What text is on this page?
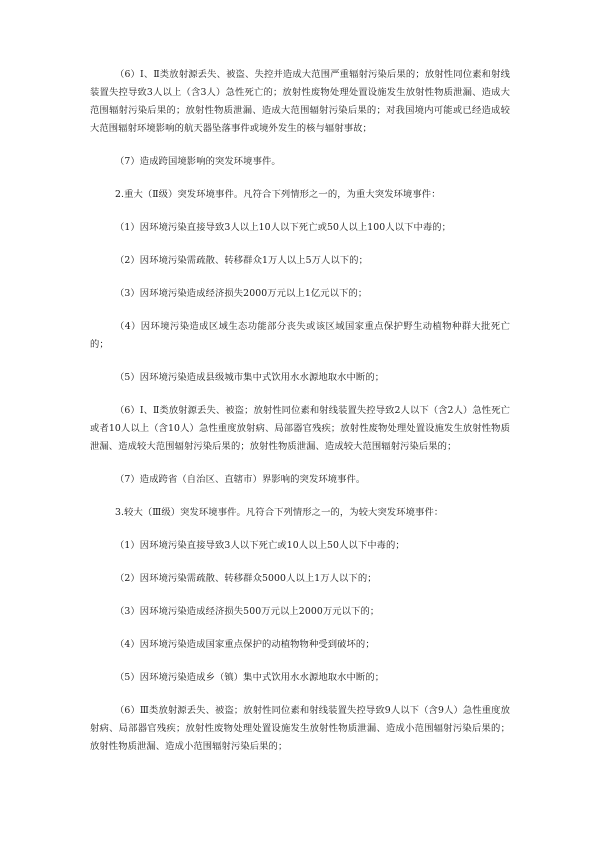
（6）Ⅰ、Ⅱ类放射源丢失、被盗、失控并造成大范围严重辐射污染后果的；放射性同位素和射线装置失控导致3人以上（含3人）急性死亡的；放射性废物处理处置设施发生放射性物质泄漏、造成大范围辐射污染后果的；放射性物质泄漏、造成大范围辐射污染后果的；对我国境内可能或已经造成较大范围辐射环境影响的航天器坠落事件或境外发生的核与辐射事故；

（7）造成跨国境影响的突发环境事件。

2.重大（Ⅱ级）突发环境事件。凡符合下列情形之一的，为重大突发环境事件：

（1）因环境污染直接导致3人以上10人以下死亡或50人以上100人以下中毒的；

（2）因环境污染需疏散、转移群众1万人以上5万人以下的；

（3）因环境污染造成经济损失2000万元以上1亿元以下的；

（4）因环境污染造成区域生态功能部分丧失或该区域国家重点保护野生动植物种群大批死亡的；

（5）因环境污染造成县级城市集中式饮用水水源地取水中断的；

（6）Ⅰ、Ⅱ类放射源丢失、被盗；放射性同位素和射线装置失控导致2人以下（含2人）急性死亡或者10人以上（含10人）急性重度放射病、局部器官残疾；放射性废物处理处置设施发生放射性物质泄漏、造成较大范围辐射污染后果的；放射性物质泄漏、造成较大范围辐射污染后果的；

（7）造成跨省（自治区、直辖市）界影响的突发环境事件。

3.较大（Ⅲ级）突发环境事件。凡符合下列情形之一的，为较大突发环境事件：

（1）因环境污染直接导致3人以下死亡或10人以上50人以下中毒的；

（2）因环境污染需疏散、转移群众5000人以上1万人以下的；

（3）因环境污染造成经济损失500万元以上2000万元以下的；

（4）因环境污染造成国家重点保护的动植物物种受到破坏的；

（5）因环境污染造成乡（镇）集中式饮用水水源地取水中断的；

（6）Ⅲ类放射源丢失、被盗；放射性同位素和射线装置失控导致9人以下（含9人）急性重度放射病、局部器官残疾；放射性废物处理处置设施发生放射性物质泄漏、造成小范围辐射污染后果的；放射性物质泄漏、造成小范围辐射污染后果的；
